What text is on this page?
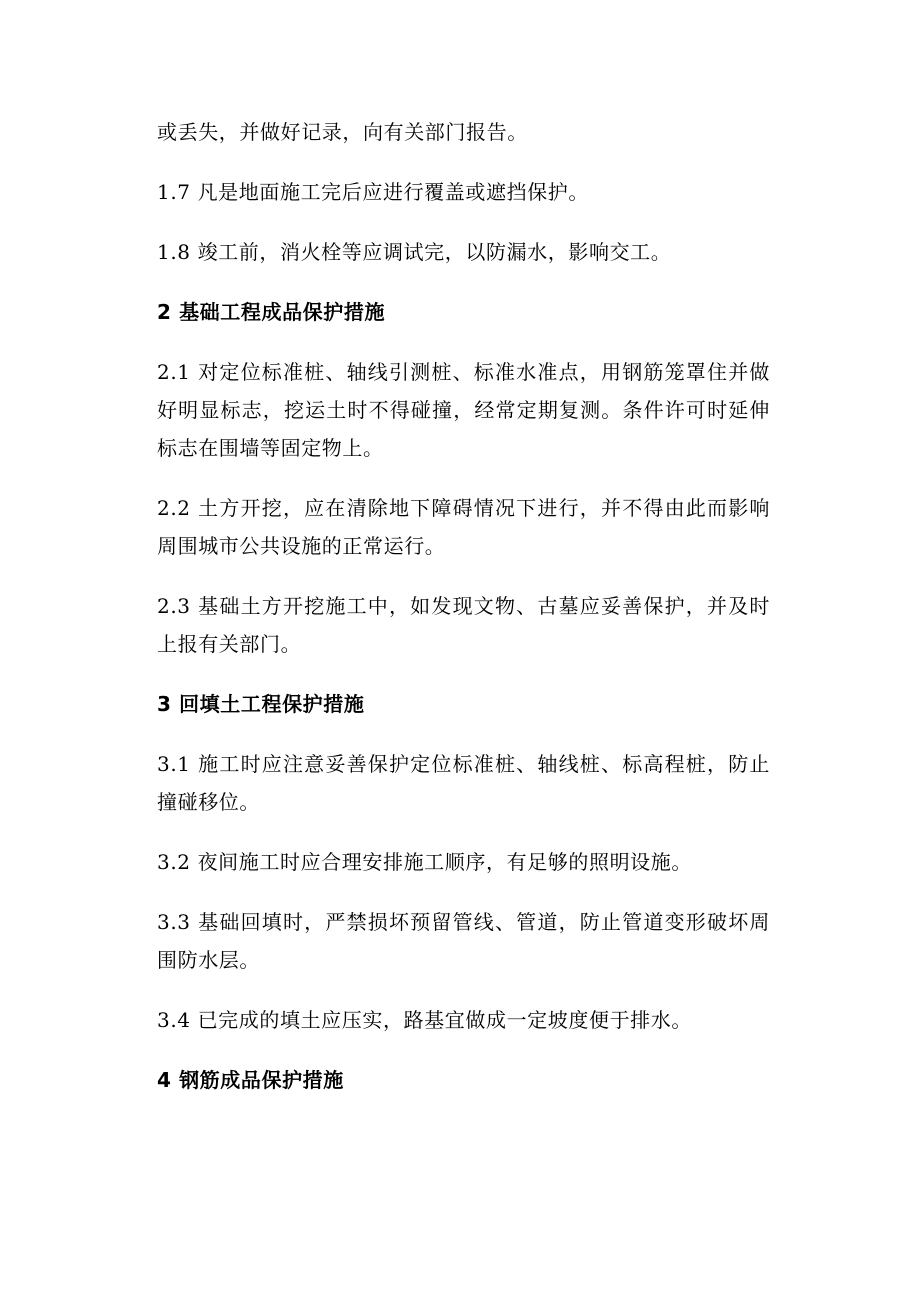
或丢失，并做好记录，向有关部门报告。

1.7 凡是地面施工完后应进行覆盖或遮挡保护。

1.8 竣工前，消火栓等应调试完，以防漏水，影响交工。

2 基础工程成品保护措施

2.1 对定位标准桩、轴线引测桩、标准水准点，用钢筋笼罩住并做好明显标志，挖运土时不得碰撞，经常定期复测。条件许可时延伸标志在围墙等固定物上。

2.2 土方开挖，应在清除地下障碍情况下进行，并不得由此而影响周围城市公共设施的正常运行。

2.3 基础土方开挖施工中，如发现文物、古墓应妥善保护，并及时上报有关部门。

3 回填土工程保护措施

3.1 施工时应注意妥善保护定位标准桩、轴线桩、标高程桩，防止撞碰移位。

3.2 夜间施工时应合理安排施工顺序，有足够的照明设施。

3.3 基础回填时，严禁损坏预留管线、管道，防止管道变形破坏周围防水层。

3.4 已完成的填土应压实，路基宜做成一定坡度便于排水。

4 钢筋成品保护措施
